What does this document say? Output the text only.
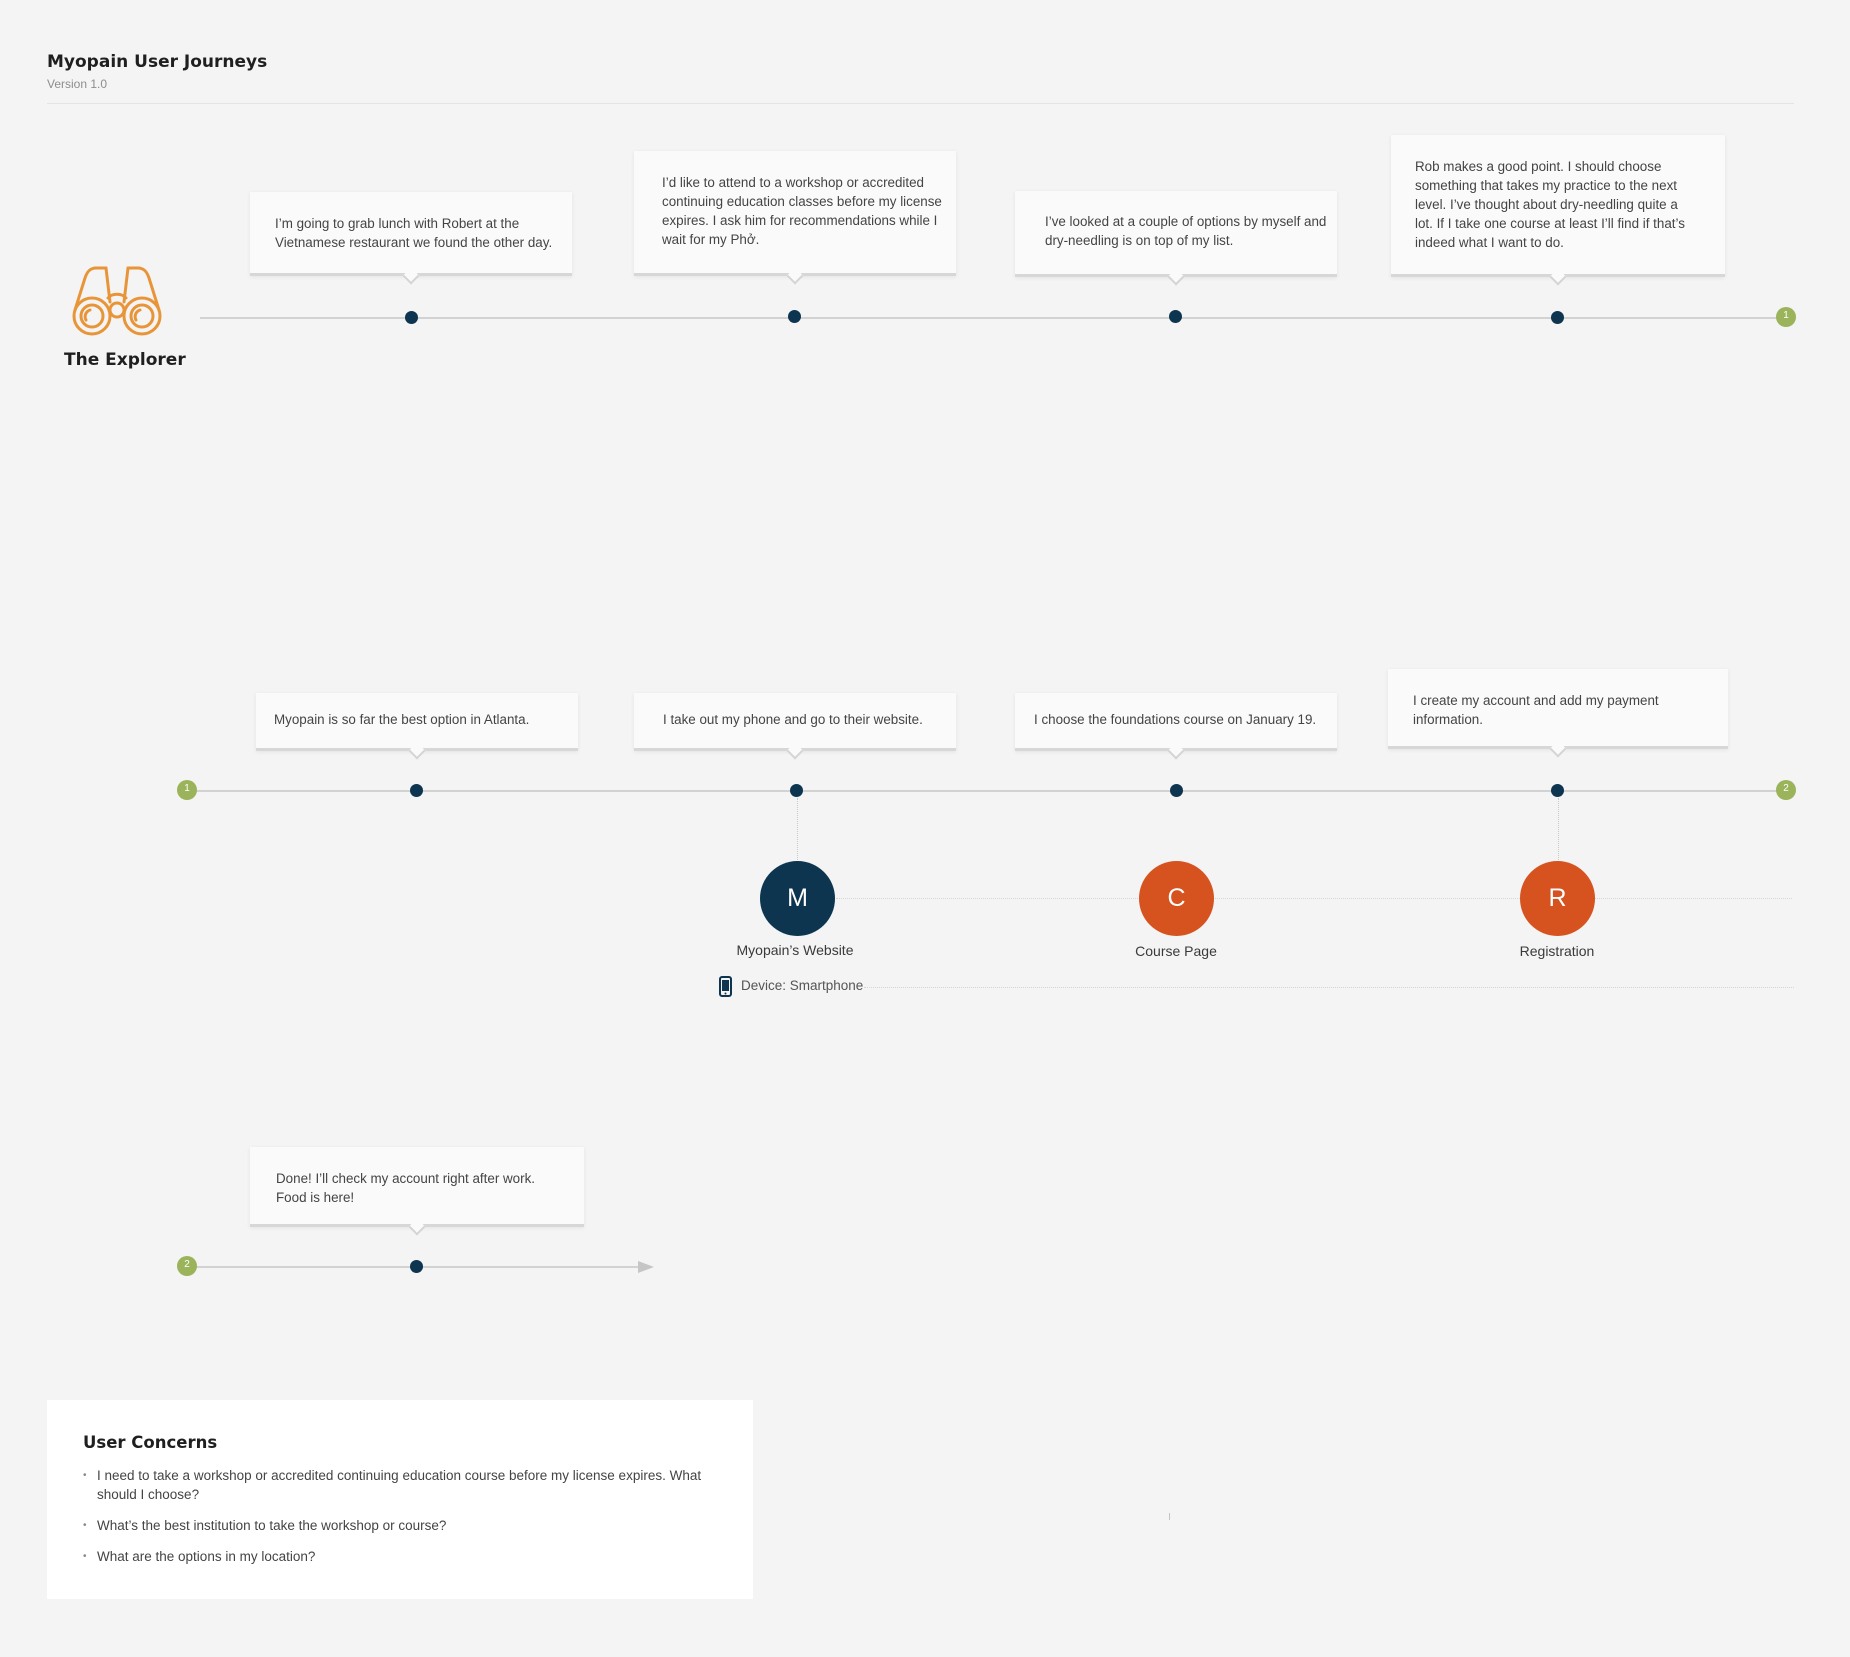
Myopain User Journeys
Version 1.0
The Explorer
I’m going to grab lunch with Robert at the Vietnamese restaurant we found the other day.
I’d like to attend to a workshop or accredited continuing education classes before my license expires. I ask him for recommendations while I wait for my Phở.
I’ve looked at a couple of options by myself and dry-needling is on top of my list.
Rob makes a good point. I should choose something that takes my practice to the next level. I’ve thought about dry-needling quite a lot. If I take one course at least I’ll find if that’s indeed what I want to do.
1
Myopain is so far the best option in Atlanta.	I take out my phone and go to their website.	I choose the foundations course on January 19.
I create my account and add my payment information.
1	2
M	C	R
Myopain’s Website	Course Page	Registration
Device: Smartphone
Done! I’ll check my account right after work. Food is here!
2
User Concerns
• I need to take a workshop or accredited continuing education course before my license expires. What should I choose?
• What’s the best institution to take the workshop or course?
• What are the options in my location?
